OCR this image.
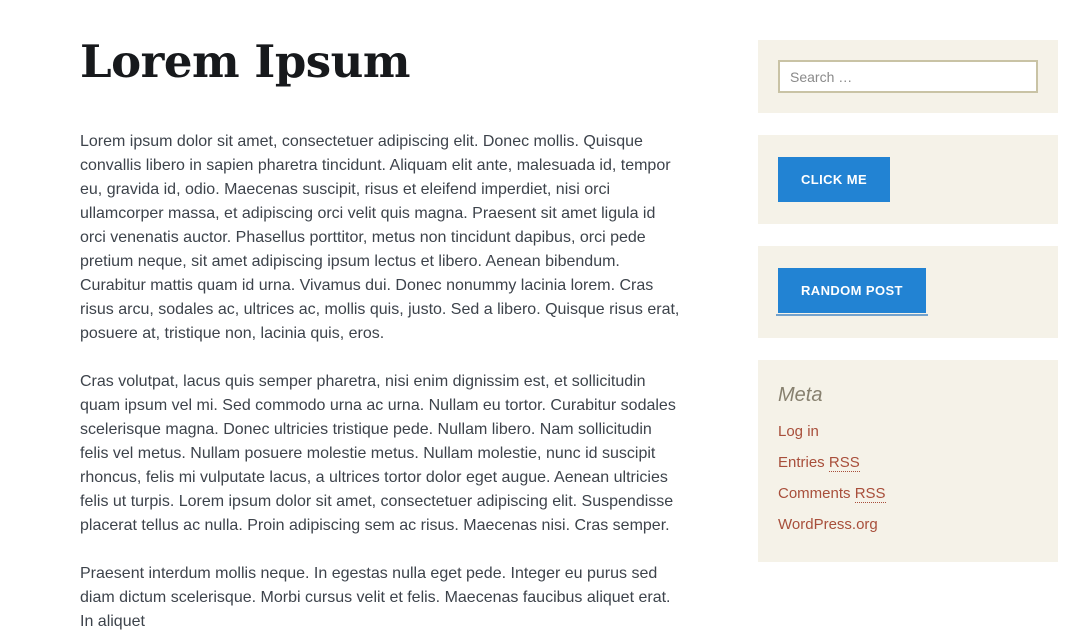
Lorem Ipsum

Lorem ipsum dolor sit amet, consectetuer adipiscing elit. Donec mollis. Quisque convallis libero in sapien pharetra tincidunt. Aliquam elit ante, malesuada id, tempor eu, gravida id, odio. Maecenas suscipit, risus et eleifend imperdiet, nisi orci ullamcorper massa, et adipiscing orci velit quis magna. Praesent sit amet ligula id orci venenatis auctor. Phasellus porttitor, metus non tincidunt dapibus, orci pede pretium neque, sit amet adipiscing ipsum lectus et libero. Aenean bibendum. Curabitur mattis quam id urna. Vivamus dui. Donec nonummy lacinia lorem. Cras risus arcu, sodales ac, ultrices ac, mollis quis, justo. Sed a libero. Quisque risus erat, posuere at, tristique non, lacinia quis, eros.

Cras volutpat, lacus quis semper pharetra, nisi enim dignissim est, et sollicitudin quam ipsum vel mi. Sed commodo urna ac urna. Nullam eu tortor. Curabitur sodales scelerisque magna. Donec ultricies tristique pede. Nullam libero. Nam sollicitudin felis vel metus. Nullam posuere molestie metus. Nullam molestie, nunc id suscipit rhoncus, felis mi vulputate lacus, a ultrices tortor dolor eget augue. Aenean ultricies felis ut turpis. Lorem ipsum dolor sit amet, consectetuer adipiscing elit. Suspendisse placerat tellus ac nulla. Proin adipiscing sem ac risus. Maecenas nisi. Cras semper.

Praesent interdum mollis neque. In egestas nulla eget pede. Integer eu purus sed diam dictum scelerisque. Morbi cursus velit et felis. Maecenas faucibus aliquet erat. In aliquet

Search …
CLICK ME
RANDOM POST
Meta
Log in
Entries RSS
Comments RSS
WordPress.org
